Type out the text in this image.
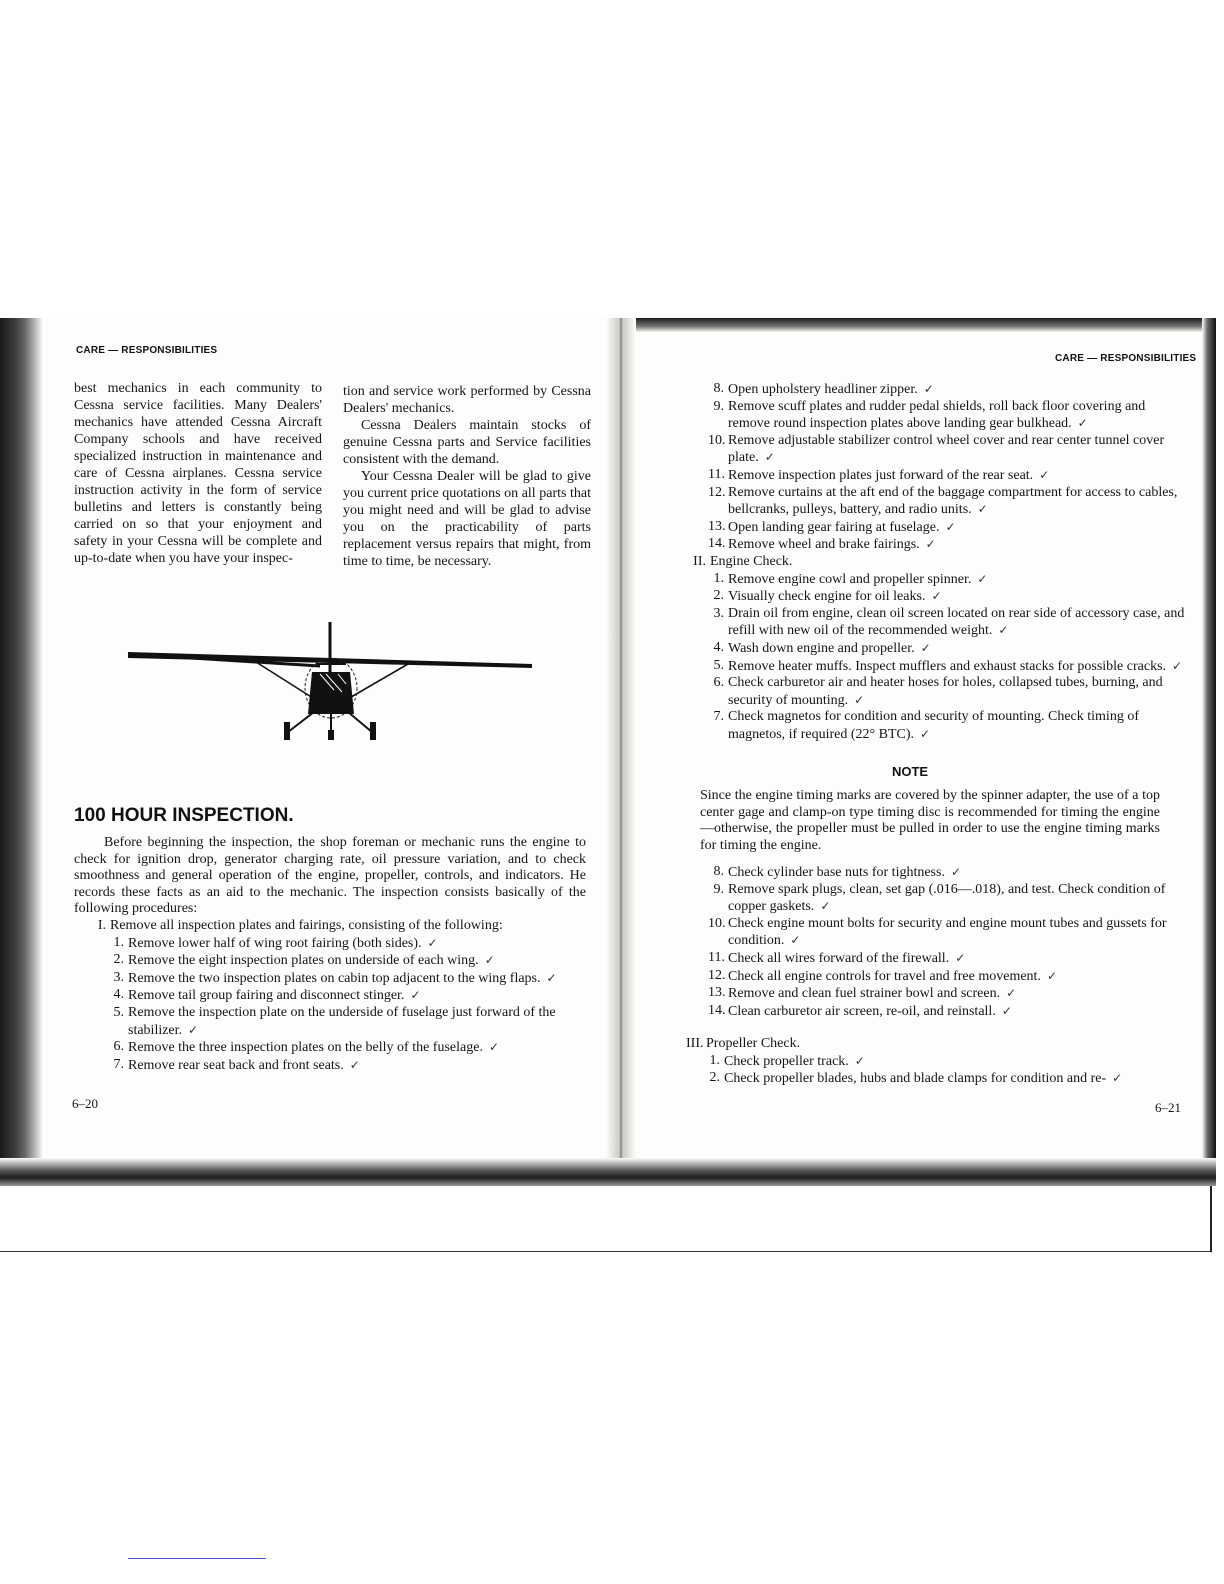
CARE — RESPONSIBILITIES

best mechanics in each community to Cessna service facilities. Many Dealers' mechanics have attended Cessna Aircraft Company schools and have received specialized instruction in maintenance and care of Cessna airplanes. Cessna service instruction activity in the form of service bulletins and letters is constantly being carried on so that your enjoyment and safety in your Cessna will be complete and up-to-date when you have your inspec-

tion and service work performed by Cessna Dealers' mechanics.

Cessna Dealers maintain stocks of genuine Cessna parts and Service facilities consistent with the demand.

Your Cessna Dealer will be glad to give you current price quotations on all parts that you might need and will be glad to advise you on the practicability of parts replacement versus repairs that might, from time to time, be necessary.

100 HOUR INSPECTION.
Before beginning the inspection, the shop foreman or mechanic runs the engine to check for ignition drop, generator charging rate, oil pressure variation, and to check smoothness and general operation of the engine, propeller, controls, and indicators. He records these facts as an aid to the mechanic. The inspection consists basically of the following procedures:
I. Remove all inspection plates and fairings, consisting of the following:
1. Remove lower half of wing root fairing (both sides). ✓
2. Remove the eight inspection plates on underside of each wing. ✓
3. Remove the two inspection plates on cabin top adjacent to the wing flaps. ✓
4. Remove tail group fairing and disconnect stinger. ✓
5. Remove the inspection plate on the underside of fuselage just forward of the stabilizer. ✓
6. Remove the three inspection plates on the belly of the fuselage. ✓
7. Remove rear seat back and front seats. ✓
6–20
CARE — RESPONSIBILITIES
8. Open upholstery headliner zipper. ✓
9. Remove scuff plates and rudder pedal shields, roll back floor covering and remove round inspection plates above landing gear bulkhead. ✓
10. Remove adjustable stabilizer control wheel cover and rear center tunnel cover plate. ✓
11. Remove inspection plates just forward of the rear seat. ✓
12. Remove curtains at the aft end of the baggage compartment for access to cables, bellcranks, pulleys, battery, and radio units. ✓
13. Open landing gear fairing at fuselage. ✓
14. Remove wheel and brake fairings. ✓
II. Engine Check.
1. Remove engine cowl and propeller spinner. ✓
2. Visually check engine for oil leaks. ✓
3. Drain oil from engine, clean oil screen located on rear side of accessory case, and refill with new oil of the recommended weight. ✓
4. Wash down engine and propeller. ✓
5. Remove heater muffs. Inspect mufflers and exhaust stacks for possible cracks. ✓
6. Check carburetor air and heater hoses for holes, collapsed tubes, burning, and security of mounting. ✓
7. Check magnetos for condition and security of mounting. Check timing of magnetos, if required (22° BTC). ✓
NOTE
Since the engine timing marks are covered by the spinner adapter, the use of a top center gage and clamp-on type timing disc is recommended for timing the engine—otherwise, the propeller must be pulled in order to use the engine timing marks for timing the engine.
8. Check cylinder base nuts for tightness. ✓
9. Remove spark plugs, clean, set gap (.016—.018), and test. Check condition of copper gaskets. ✓
10. Check engine mount bolts for security and engine mount tubes and gussets for condition. ✓
11. Check all wires forward of the firewall. ✓
12. Check all engine controls for travel and free movement. ✓
13. Remove and clean fuel strainer bowl and screen. ✓
14. Clean carburetor air screen, re-oil, and reinstall. ✓
III. Propeller Check.
1. Check propeller track. ✓
2. Check propeller blades, hubs and blade clamps for condition and re- ✓
6–21
